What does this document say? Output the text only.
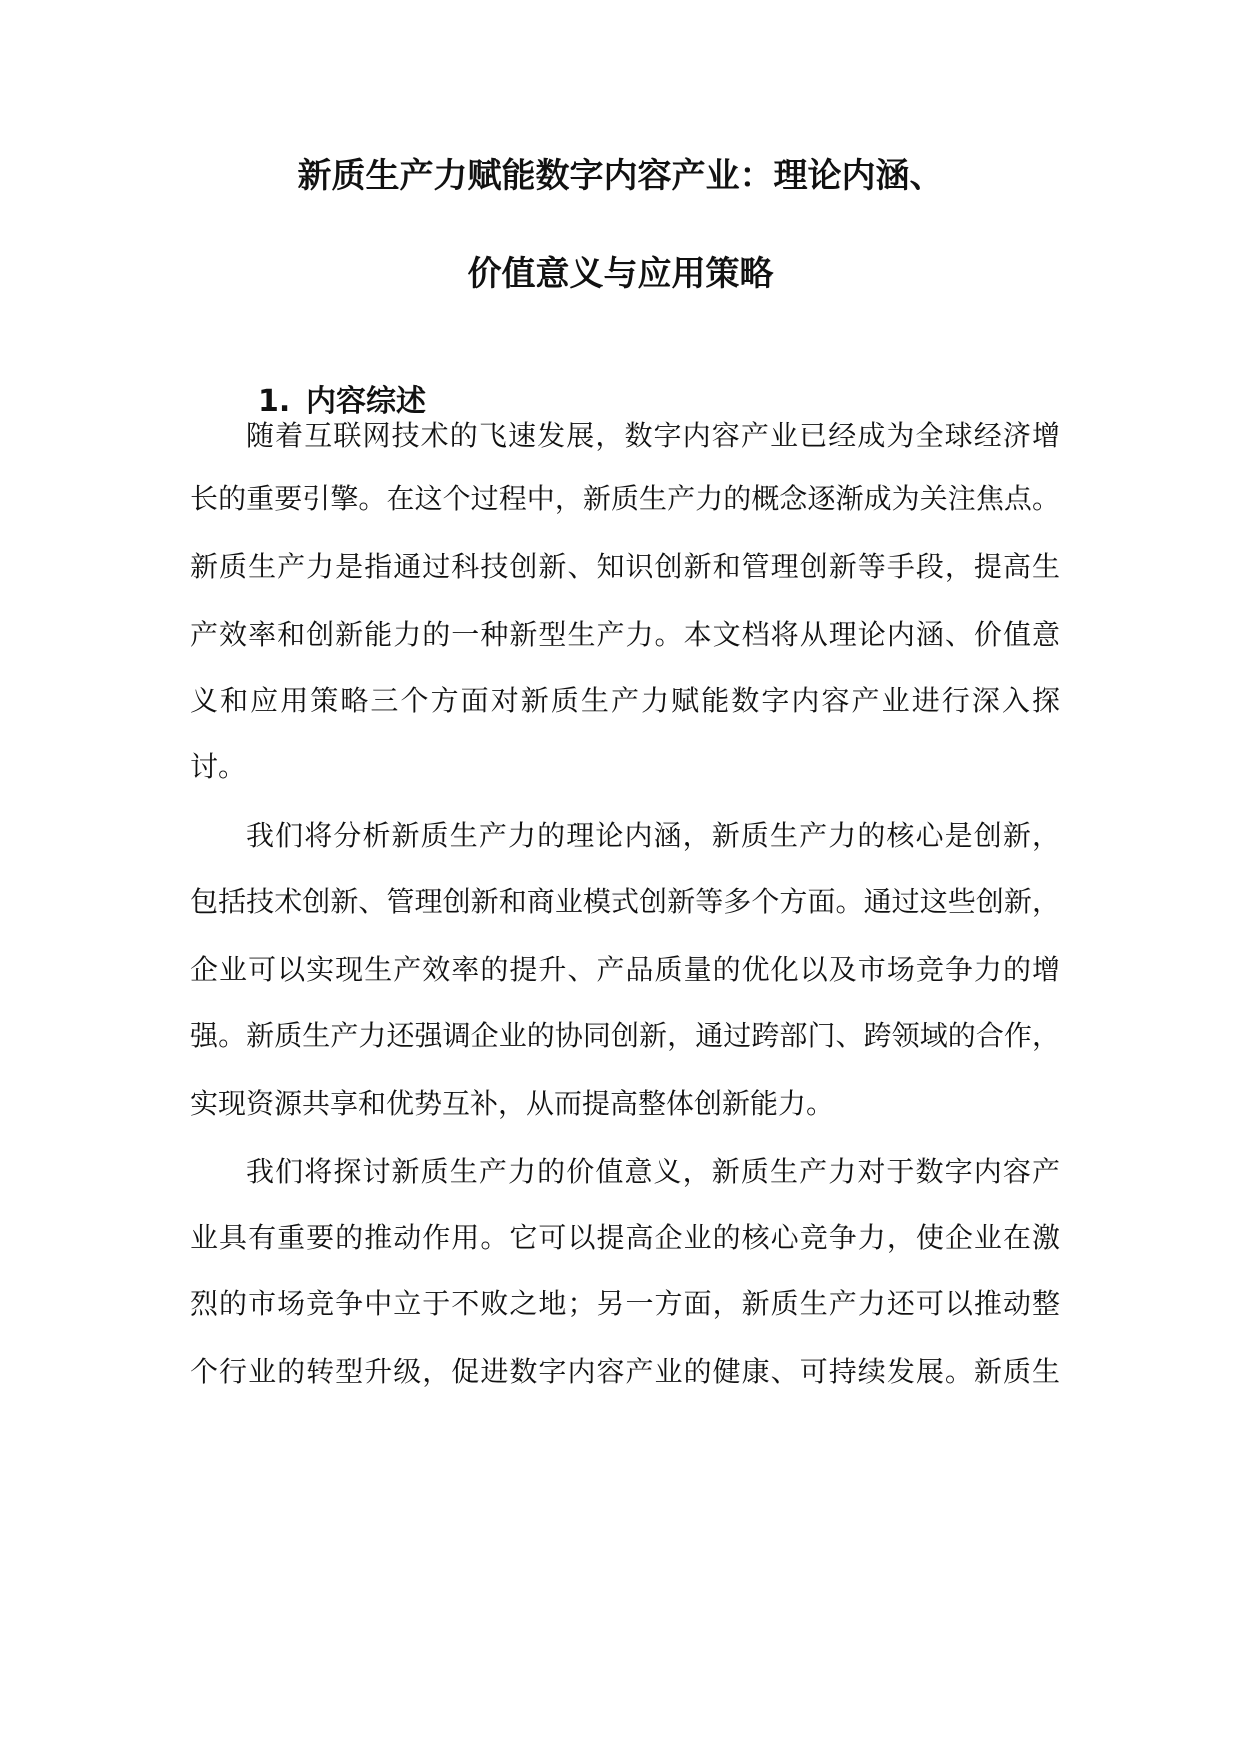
新质生产力赋能数字内容产业：理论内涵、
价值意义与应用策略
1. 内容综述
随着互联网技术的飞速发展，数字内容产业已经成为全球经济增
长的重要引擎。在这个过程中，新质生产力的概念逐渐成为关注焦点。
新质生产力是指通过科技创新、知识创新和管理创新等手段，提高生
产效率和创新能力的一种新型生产力。本文档将从理论内涵、价值意
义和应用策略三个方面对新质生产力赋能数字内容产业进行深入探
讨。
我们将分析新质生产力的理论内涵，新质生产力的核心是创新，
包括技术创新、管理创新和商业模式创新等多个方面。通过这些创新，
企业可以实现生产效率的提升、产品质量的优化以及市场竞争力的增
强。新质生产力还强调企业的协同创新，通过跨部门、跨领域的合作，
实现资源共享和优势互补，从而提高整体创新能力。
我们将探讨新质生产力的价值意义，新质生产力对于数字内容产
业具有重要的推动作用。它可以提高企业的核心竞争力，使企业在激
烈的市场竞争中立于不败之地；另一方面，新质生产力还可以推动整
个行业的转型升级，促进数字内容产业的健康、可持续发展。新质生
